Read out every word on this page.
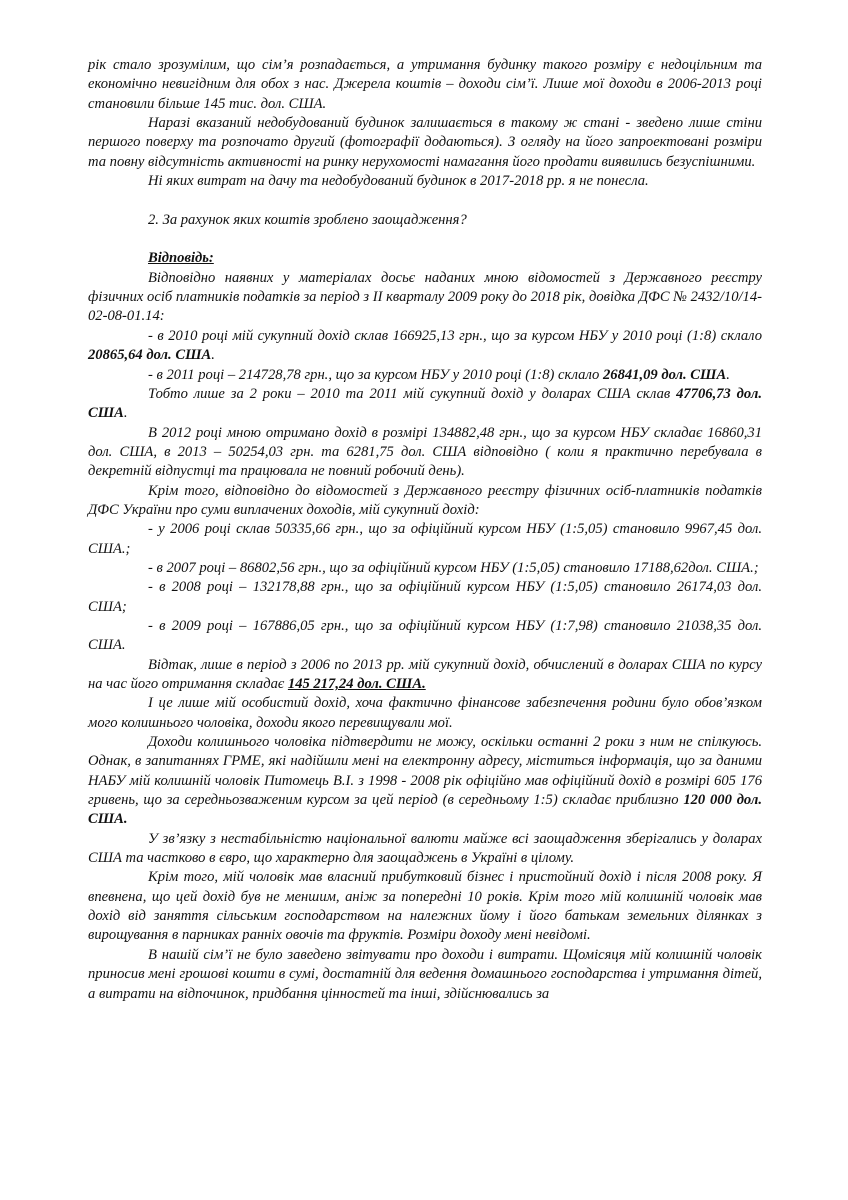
рік стало зрозумілим, що сім’я розпадається, а утримання будинку такого розміру є недоцільним та економічно невигідним для обох з нас. Джерела коштів – доходи сім’ї. Лише мої доходи в 2006-2013 році становили більше 145 тис. дол. США.

Наразі вказаний недобудований будинок залишається в такому ж стані - зведено лише стіни першого поверху та розпочато другий (фотографії додаються). З огляду на його запроектовані розміри та повну відсутність активності на ринку нерухомості намагання його продати виявились безуспішними.

Ні яких витрат на дачу та недобудований будинок в 2017-2018 рр. я не понесла.

2. За рахунок яких коштів зроблено заощадження?

Відповідь:

Відповідно наявних у матеріалах досьє наданих мною відомостей з Державного реєстру фізичних осіб платників податків за період з ІІ кварталу 2009 року до 2018 рік, довідка ДФС № 2432/10/14-02-08-01.14:

- в 2010 році мій сукупний дохід склав 166925,13 грн., що за курсом НБУ у 2010 році (1:8) склало 20865,64 дол. США.

- в 2011 році – 214728,78 грн., що за курсом НБУ у 2010 році (1:8) склало 26841,09 дол. США.

Тобто лише за 2 роки – 2010 та 2011 мій сукупний дохід у доларах США склав 47706,73 дол. США.

В 2012 році мною отримано дохід в розмірі 134882,48 грн., що за курсом НБУ складає 16860,31 дол. США, в 2013 – 50254,03 грн. та 6281,75 дол. США відповідно ( коли я практично перебувала в декретній відпустці та працювала не повний робочий день).

Крім того, відповідно до відомостей з Державного реєстру фізичних осіб-платників податків ДФС України про суми виплачених доходів, мій сукупний дохід:

- у 2006 році склав 50335,66 грн., що за офіційний курсом НБУ (1:5,05) становило 9967,45 дол. США.;

- в 2007 році – 86802,56 грн., що за офіційний курсом НБУ (1:5,05) становило 17188,62дол. США.;

- в 2008 році – 132178,88 грн., що за офіційний курсом НБУ (1:5,05) становило 26174,03 дол. США;

- в 2009 році – 167886,05 грн., що за офіційний курсом НБУ (1:7,98) становило 21038,35 дол. США.

Відтак, лише в період з 2006 по 2013 рр. мій сукупний дохід, обчислений в доларах США по курсу на час його отримання складає 145 217,24 дол. США.

І це лише мій особистий дохід, хоча фактично фінансове забезпечення родини було обов’язком мого колишнього чоловіка, доходи якого перевищували мої.

Доходи колишнього чоловіка підтвердити не можу, оскільки останні 2 роки з ним не спілкуюсь. Однак, в запитаннях ГРМЕ, які надійшли мені на електронну адресу, міститься інформація, що за даними НАБУ мій колишній чоловік Питомець В.І. з 1998 - 2008 рік офіційно мав офіційний дохід в розмірі 605 176 гривень, що за середньозваженим курсом за цей період (в середньому 1:5) складає приблизно 120 000 дол. США.

У зв’язку з нестабільністю національної валюти майже всі заощадження зберігались у доларах США та частково в євро, що характерно для заощаджень в Україні в цілому.

Крім того, мій чоловік мав власний прибутковий бізнес і пристойний дохід і після 2008 року. Я впевнена, що цей дохід був не меншим, аніж за попередні 10 років. Крім того мій колишній чоловік мав дохід від заняття сільським господарством на належних йому і його батькам земельних ділянках з вирощування в парниках ранніх овочів та фруктів. Розміри доходу мені невідомі.

В нашій сім’ї не було заведено звітувати про доходи і витрати. Щомісяця мій колишній чоловік приносив мені грошові кошти в сумі, достатній для ведення домашнього господарства і утримання дітей, а витрати на відпочинок, придбання цінностей та інші, здійснювались за
